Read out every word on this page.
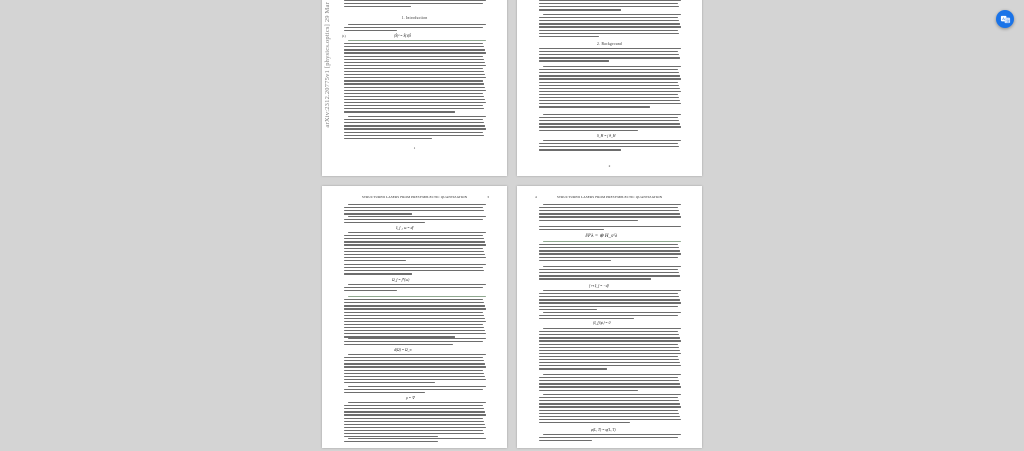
arXiv:2312.20775v1 [physics.optics] 29 Mar	1. Introduction
(Ŝ)² = Ŝ(ℓ)Ŝ
(1)
1
2. Background
S_H = ∫ θ_H
2
STRUCTURED LASERS FROM PRESYMPLECTIC QUANTIZATION	3
ξ_f ⌟ ω = df
Ω_f = f*(ω)
d(Ω) = Ω_∞
ρ = ∇
4	STRUCTURED LASERS FROM PRESYMPLECTIC QUANTIZATION
ℍ^λ = ⊕ H_s^λ
f ↦ ξ_f = −df
(ξ_f)|ψ⟩ = 0
φ(L, T) = φ(L, T)
A
文
